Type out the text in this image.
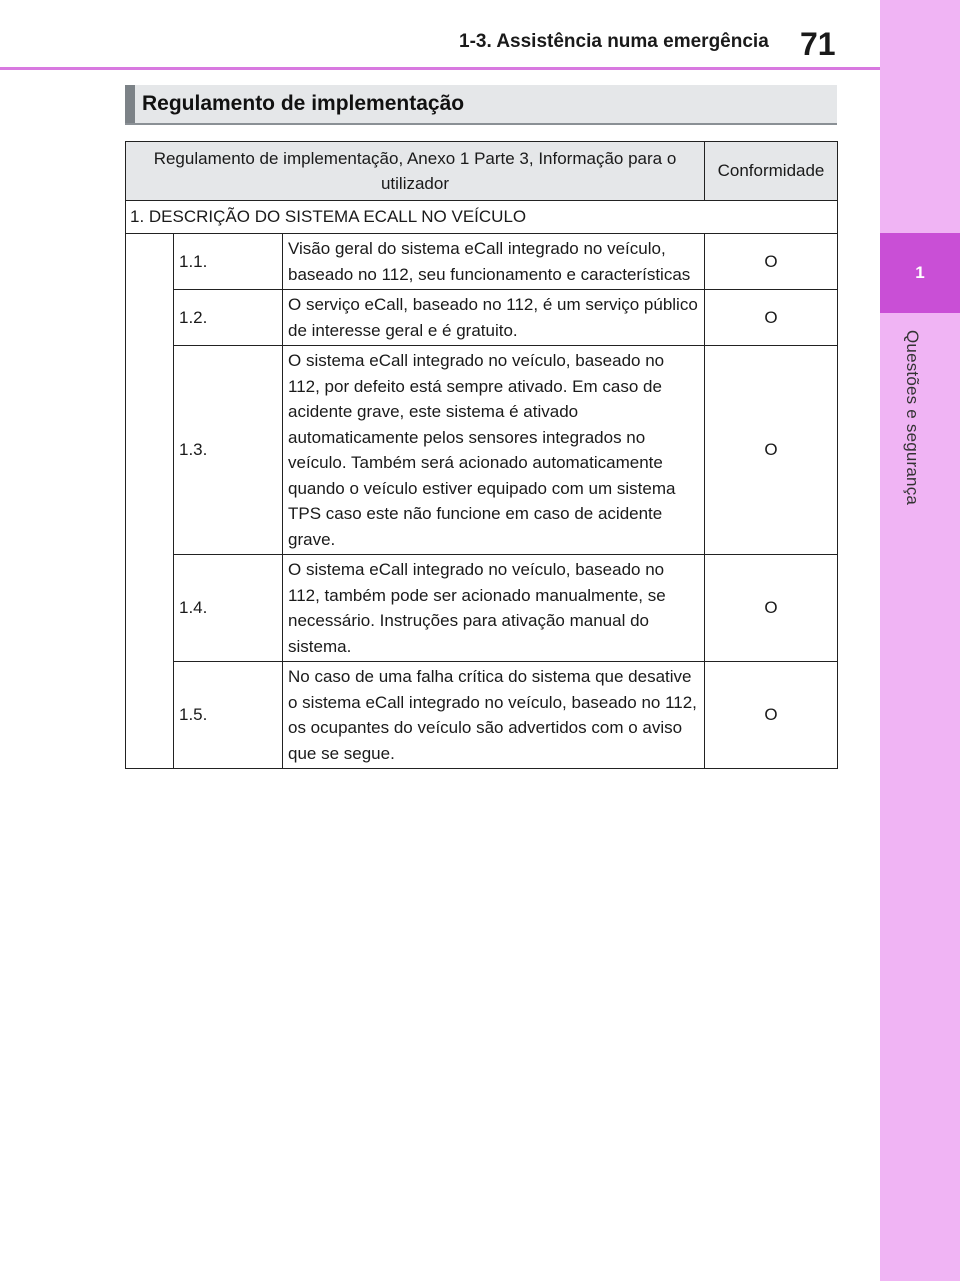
1
Questões e segurança
1-3. Assistência numa emergência 71
Regulamento de implementação
Regulamento de implementação, Anexo 1 Parte 3, Informação para o utilizador			Conformidade
1. DESCRIÇÃO DO SISTEMA ECALL NO VEÍCULO			
	1.1.	Visão geral do sistema eCall integrado no veículo, baseado no 112, seu funcionamento e características	O
	1.2.	O serviço eCall, baseado no 112, é um serviço público de interesse geral e é gratuito.	O
	1.3.	O sistema eCall integrado no veículo, baseado no 112, por defeito está sempre ativado. Em caso de acidente grave, este sistema é ativado automaticamente pelos sensores integrados no veículo. Também será acionado automaticamente quando o veículo estiver equipado com um sistema TPS caso este não funcione em caso de acidente grave.	O
	1.4.	O sistema eCall integrado no veículo, baseado no 112, também pode ser acionado manualmente, se necessário. Instruções para ativação manual do sistema.	O
	1.5.	No caso de uma falha crítica do sistema que desative o sistema eCall integrado no veículo, baseado no 112, os ocupantes do veículo são advertidos com o aviso que se segue.	O
